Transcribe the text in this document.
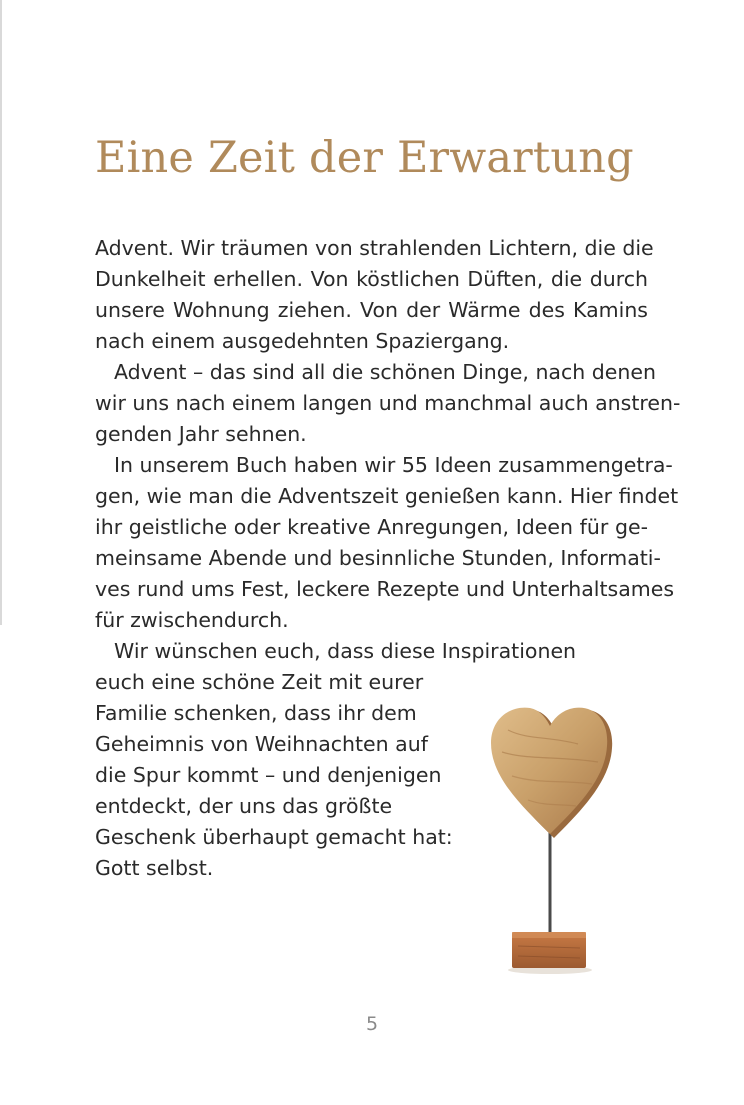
Eine Zeit der Erwartung
Advent. Wir träumen von strahlenden Lichtern, die die
Dunkelheit erhellen. Von köstlichen Düften, die durch
unsere Wohnung ziehen. Von der Wärme des Kamins
nach einem ausgedehnten Spaziergang.
Advent – das sind all die schönen Dinge, nach denen
wir uns nach einem langen und manchmal auch anstren-
genden Jahr sehnen.
In unserem Buch haben wir 55 Ideen zusammengetra-
gen, wie man die Adventszeit genießen kann. Hier findet
ihr geistliche oder kreative Anregungen, Ideen für ge-
meinsame Abende und besinnliche Stunden, Informati-
ves rund ums Fest, leckere Rezepte und Unterhaltsames
für zwischendurch.
Wir wünschen euch, dass diese Inspirationen
euch eine schöne Zeit mit eurer
Familie schenken, dass ihr dem
Geheimnis von Weihnachten auf
die Spur kommt – und denjenigen
entdeckt, der uns das größte
Geschenk überhaupt gemacht hat:
Gott selbst.
5
